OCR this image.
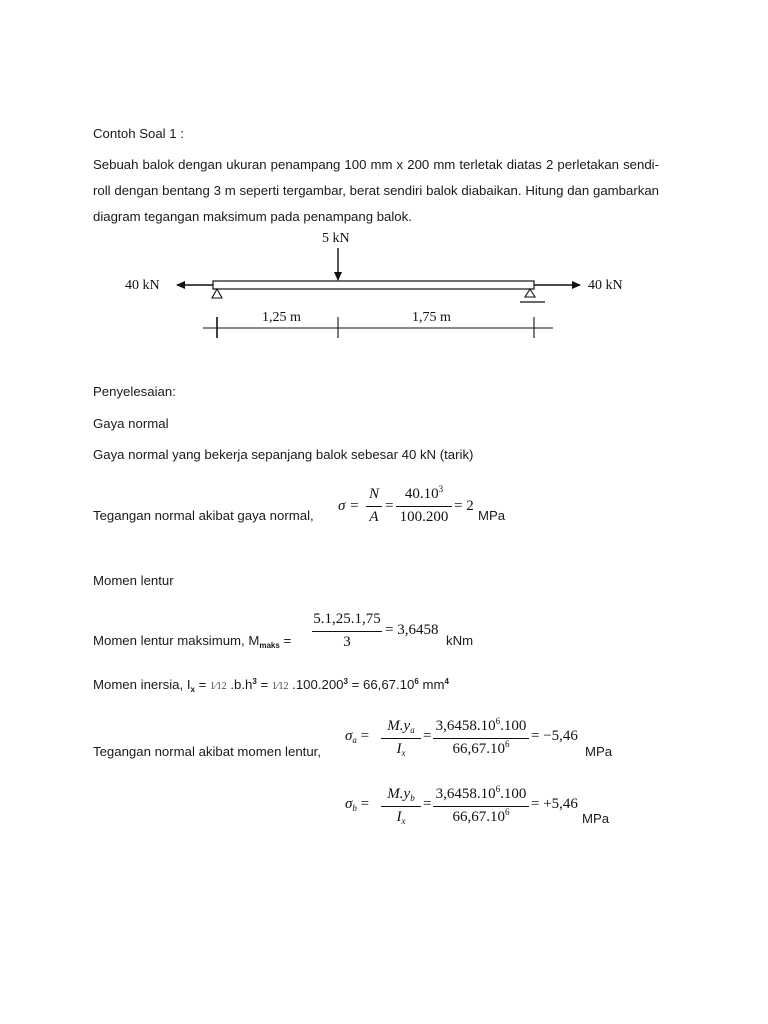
Contoh Soal 1 :
Sebuah balok dengan ukuran penampang 100 mm x 200 mm terletak diatas 2 perletakan sendi-roll dengan bentang 3 m seperti tergambar, berat sendiri balok diabaikan. Hitung dan gambarkan diagram tegangan maksimum pada penampang balok.
5 kN
40 kN	40 kN
1,25 m	1,75 m
Penyelesaian:
Gaya normal
Gaya normal yang bekerja sepanjang balok sebesar 40 kN (tarik)
Tegangan normal akibat gaya normal,
σ =
N
A
=
$40.10^3$
100.200
= 2
MPa
Momen lentur
Momen lentur maksimum, $M_{maks}$ =
5.1,25.1,75
3
= 3,6458
kNm
Momen inersia, $I_x$ = 1⁄12 $.b.h^3$ = 1⁄12 $.100.200^3 = 66,67.10^6$ $mm^4$
Tegangan normal akibat momen lentur,
$\sigma_a$ =
$M.y_a$
$I_x$
=
$3,6458.10^6.100$
$66,67.10^6$	= −5,46
MPa
$\sigma_b$ =
$M.y_b$
$I_x$
=
$3,6458.10^6.100$
$66,67.10^6$	= +5,46
MPa
